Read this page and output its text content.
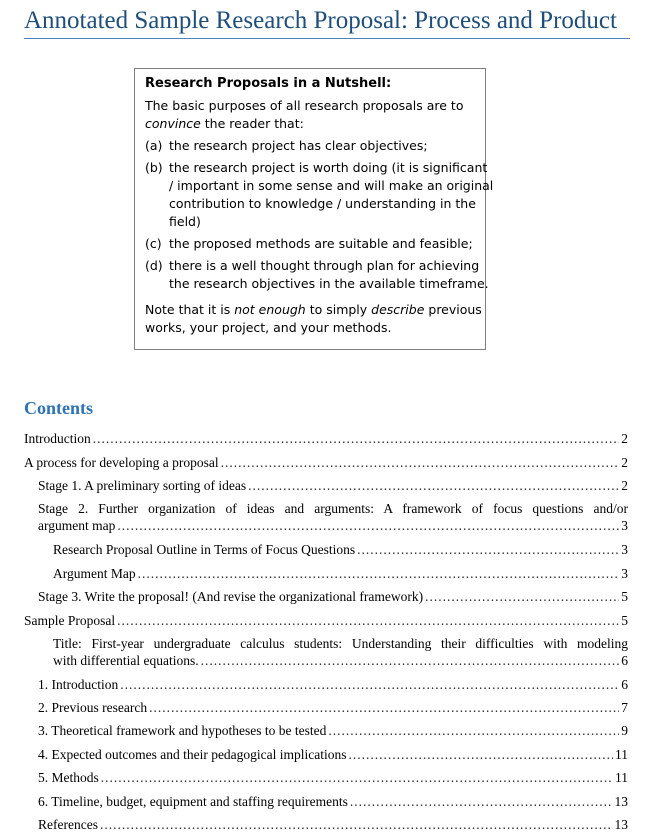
Annotated Sample Research Proposal: Process and Product
Research Proposals in a Nutshell:
The basic purposes of all research proposals are to
convince the reader that:
(a) the research project has clear objectives;
(b) the research project is worth doing (it is significant
/ important in some sense and will make an original
contribution to knowledge / understanding in the
field)
(c) the proposed methods are suitable and feasible;
(d) there is a well thought through plan for achieving
the research objectives in the available timeframe.
Note that it is not enough to simply describe previous
works, your project, and your methods.
Contents
Introduction .....	2
A process for developing a proposal .....	2
Stage 1. A preliminary sorting of ideas .....	2
Stage 2. Further organization of ideas and arguments: A framework of focus questions and/or
argument map .....	3
Research Proposal Outline in Terms of Focus Questions .....	3
Argument Map .....	3
Stage 3. Write the proposal! (And revise the organizational framework) .....	5
Sample Proposal .....	5
Title: First-year undergraduate calculus students: Understanding their difficulties with modeling
with differential equations. .....	6
1. Introduction .....	6
2. Previous research .....	7
3. Theoretical framework and hypotheses to be tested .....	9
4. Expected outcomes and their pedagogical implications .....	11
5. Methods .....	11
6. Timeline, budget, equipment and staffing requirements .....	13
References .....	13
